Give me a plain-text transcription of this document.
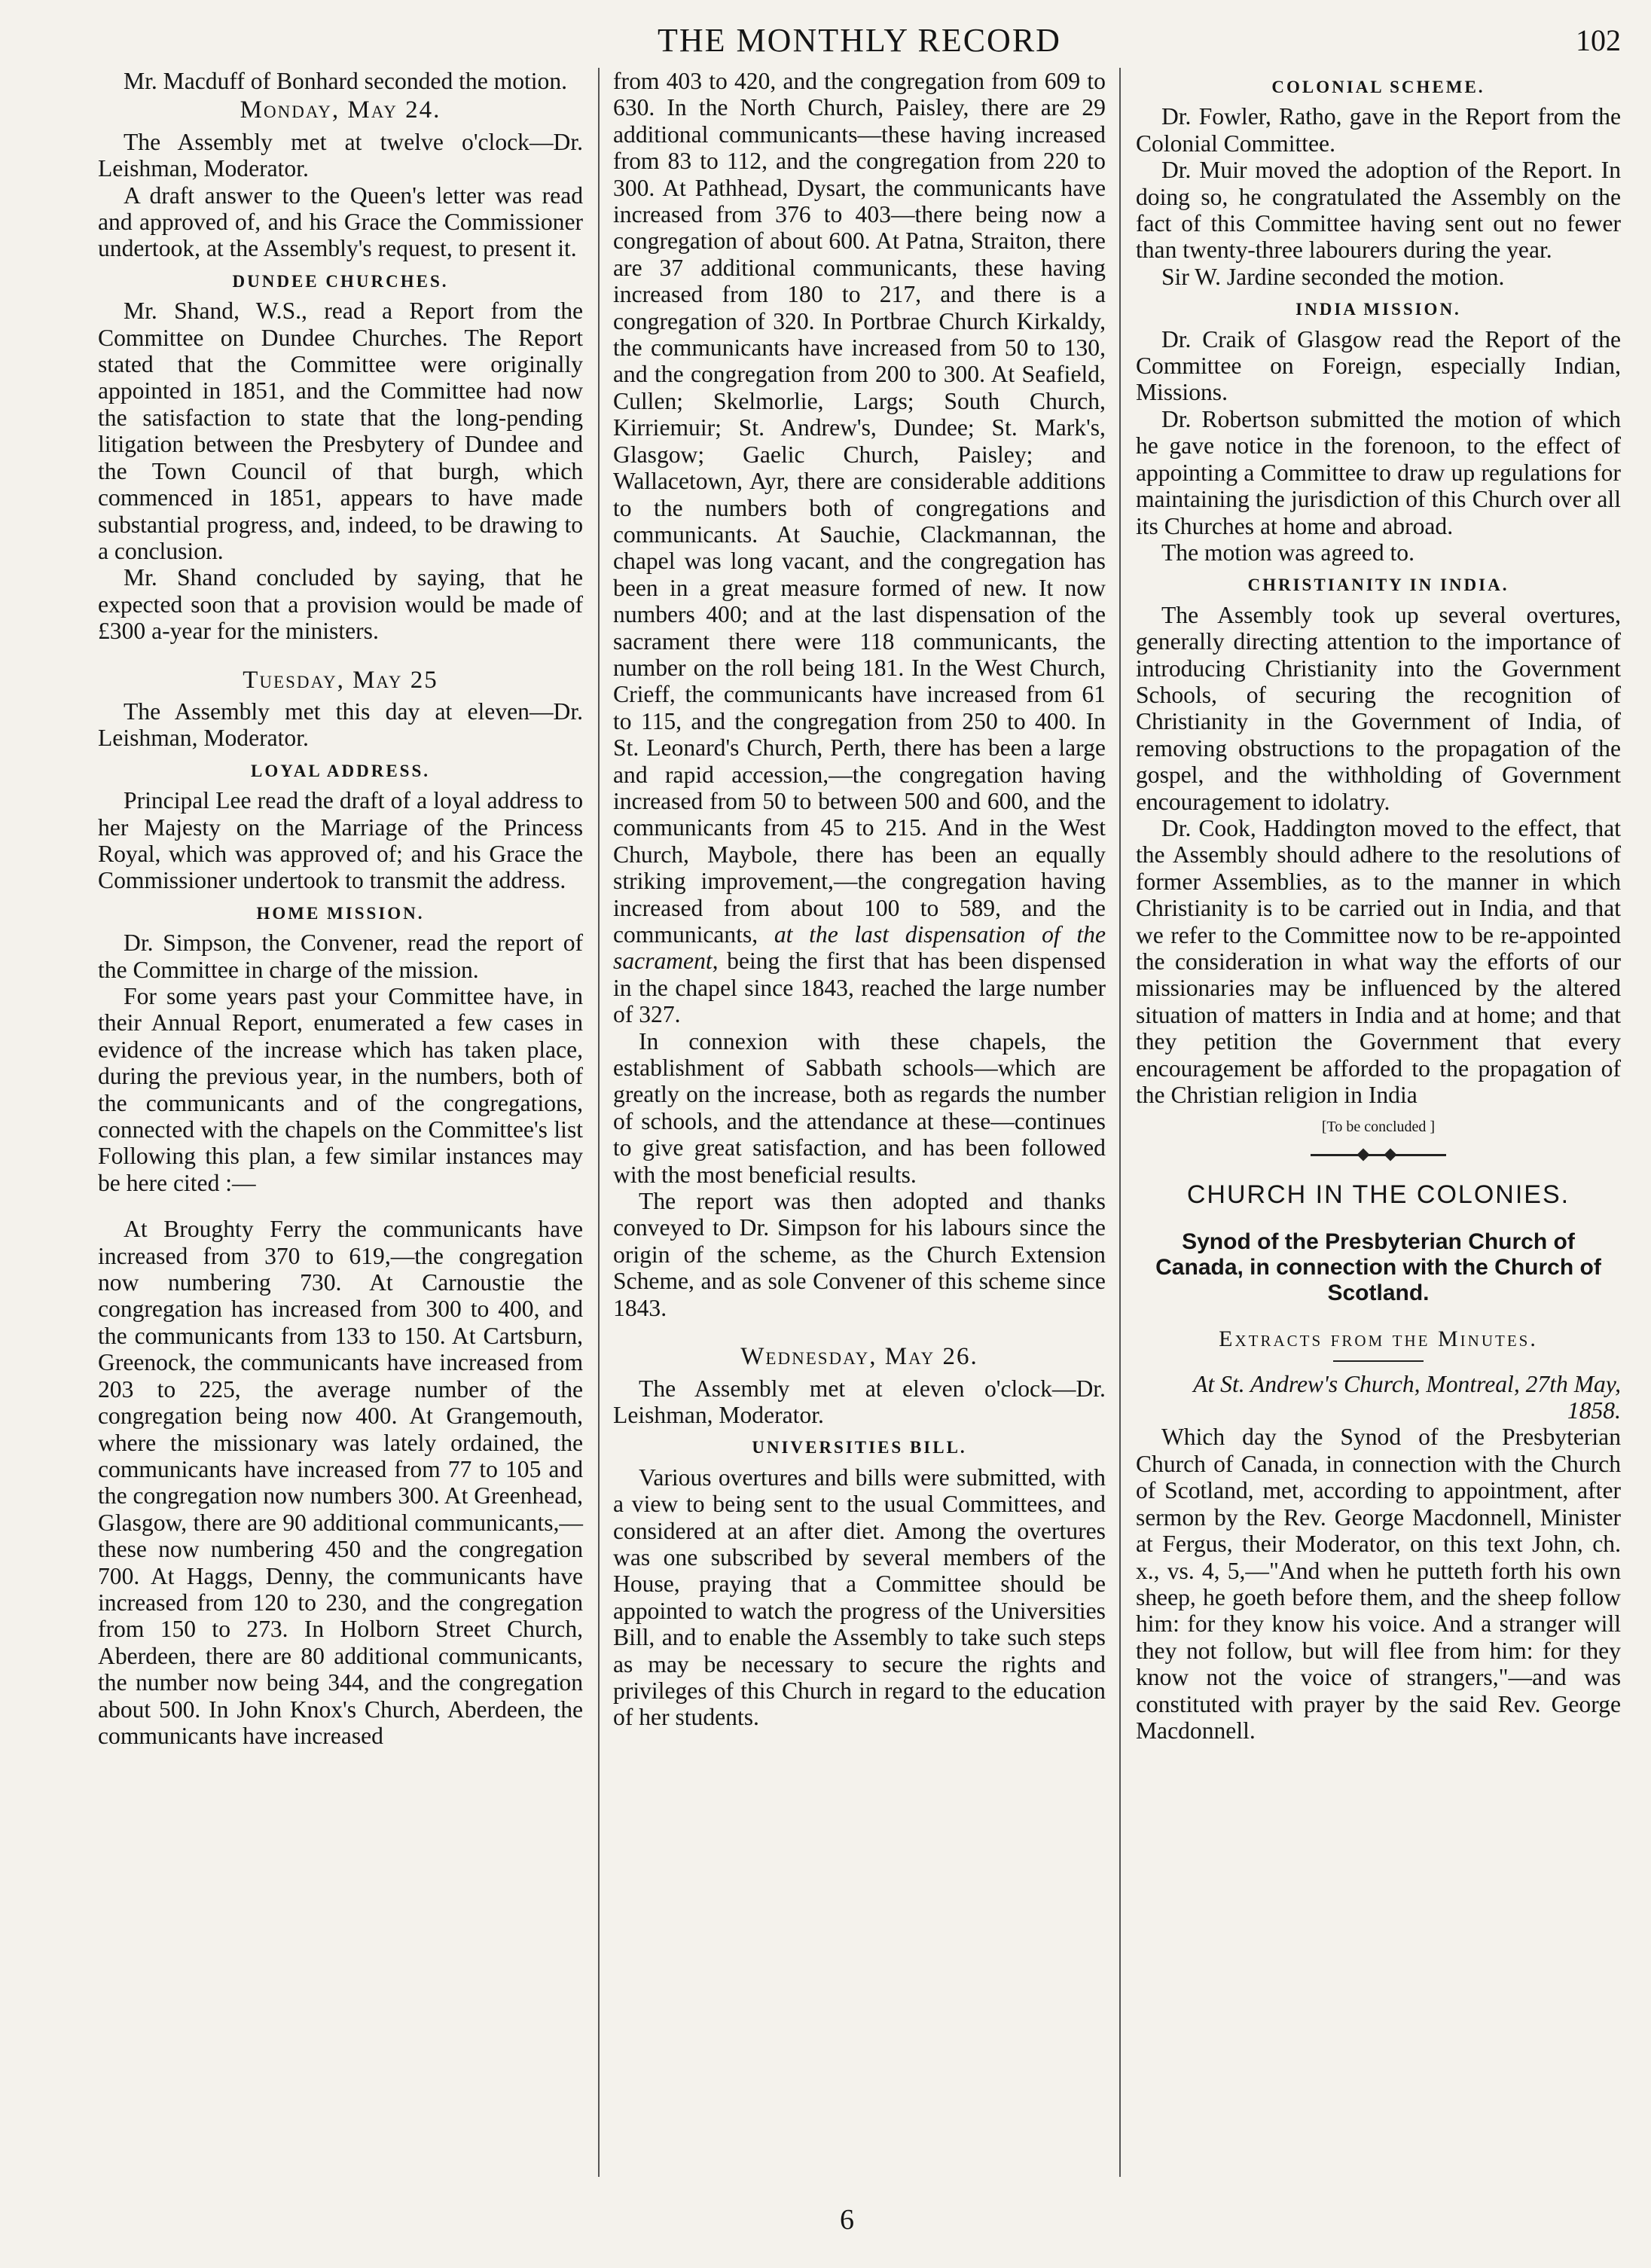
THE MONTHLY RECORD	102

Mr. Macduff of Bonhard seconded the motion.

Monday, May 24.

The Assembly met at twelve o'clock—Dr. Leishman, Moderator.

A draft answer to the Queen's letter was read and approved of, and his Grace the Commissioner undertook, at the Assembly's request, to present it.

DUNDEE CHURCHES.

Mr. Shand, W.S., read a Report from the Committee on Dundee Churches. The Report stated that the Committee were originally appointed in 1851, and the Committee had now the satisfaction to state that the long-pending litigation between the Presbytery of Dundee and the Town Council of that burgh, which commenced in 1851, appears to have made substantial progress, and, indeed, to be drawing to a conclusion.

Mr. Shand concluded by saying, that he expected soon that a provision would be made of £300 a-year for the ministers.

Tuesday, May 25

The Assembly met this day at eleven—Dr. Leishman, Moderator.

LOYAL ADDRESS.

Principal Lee read the draft of a loyal address to her Majesty on the Marriage of the Princess Royal, which was approved of; and his Grace the Commissioner undertook to transmit the address.

HOME MISSION.

Dr. Simpson, the Convener, read the report of the Committee in charge of the mission.

For some years past your Committee have, in their Annual Report, enumerated a few cases in evidence of the increase which has taken place, during the previous year, in the numbers, both of the communicants and of the congregations, connected with the chapels on the Committee's list Following this plan, a few similar instances may be here cited :—

At Broughty Ferry the communicants have increased from 370 to 619,—the congregation now numbering 730. At Carnoustie the congregation has increased from 300 to 400, and the communicants from 133 to 150. At Cartsburn, Greenock, the communicants have increased from 203 to 225, the average number of the congregation being now 400. At Grangemouth, where the missionary was lately ordained, the communicants have increased from 77 to 105 and the congregation now numbers 300. At Greenhead, Glasgow, there are 90 additional communicants,—these now numbering 450 and the congregation 700. At Haggs, Denny, the communicants have increased from 120 to 230, and the congregation from 150 to 273. In Holborn Street Church, Aberdeen, there are 80 additional communicants, the number now being 344, and the congregation about 500. In John Knox's Church, Aberdeen, the communicants have increased

from 403 to 420, and the congregation from 609 to 630. In the North Church, Paisley, there are 29 additional communicants—these having increased from 83 to 112, and the congregation from 220 to 300. At Pathhead, Dysart, the communicants have increased from 376 to 403—there being now a congregation of about 600. At Patna, Straiton, there are 37 additional communicants, these having increased from 180 to 217, and there is a congregation of 320. In Portbrae Church Kirkaldy, the communicants have increased from 50 to 130, and the congregation from 200 to 300. At Seafield, Cullen; Skelmorlie, Largs; South Church, Kirriemuir; St. Andrew's, Dundee; St. Mark's, Glasgow; Gaelic Church, Paisley; and Wallacetown, Ayr, there are considerable additions to the numbers both of congregations and communicants. At Sauchie, Clackmannan, the chapel was long vacant, and the congregation has been in a great measure formed of new. It now numbers 400; and at the last dispensation of the sacrament there were 118 communicants, the number on the roll being 181. In the West Church, Crieff, the communicants have increased from 61 to 115, and the congregation from 250 to 400. In St. Leonard's Church, Perth, there has been a large and rapid accession,—the congregation having increased from 50 to between 500 and 600, and the communicants from 45 to 215. And in the West Church, Maybole, there has been an equally striking improvement,—the congregation having increased from about 100 to 589, and the communicants, at the last dispensation of the sacrament, being the first that has been dispensed in the chapel since 1843, reached the large number of 327.

In connexion with these chapels, the establishment of Sabbath schools—which are greatly on the increase, both as regards the number of schools, and the attendance at these—continues to give great satisfaction, and has been followed with the most beneficial results.

The report was then adopted and thanks conveyed to Dr. Simpson for his labours since the origin of the scheme, as the Church Extension Scheme, and as sole Convener of this scheme since 1843.

Wednesday, May 26.

The Assembly met at eleven o'clock—Dr. Leishman, Moderator.

UNIVERSITIES BILL.

Various overtures and bills were submitted, with a view to being sent to the usual Committees, and considered at an after diet. Among the overtures was one subscribed by several members of the House, praying that a Committee should be appointed to watch the progress of the Universities Bill, and to enable the Assembly to take such steps as may be necessary to secure the rights and privileges of this Church in regard to the education of her students.

COLONIAL SCHEME.

Dr. Fowler, Ratho, gave in the Report from the Colonial Committee.

Dr. Muir moved the adoption of the Report. In doing so, he congratulated the Assembly on the fact of this Committee having sent out no fewer than twenty-three labourers during the year.

Sir W. Jardine seconded the motion.

INDIA MISSION.

Dr. Craik of Glasgow read the Report of the Committee on Foreign, especially Indian, Missions.

Dr. Robertson submitted the motion of which he gave notice in the forenoon, to the effect of appointing a Committee to draw up regulations for maintaining the jurisdiction of this Church over all its Churches at home and abroad.

The motion was agreed to.

CHRISTIANITY IN INDIA.

The Assembly took up several overtures, generally directing attention to the importance of introducing Christianity into the Government Schools, of securing the recognition of Christianity in the Government of India, of removing obstructions to the propagation of the gospel, and the withholding of Government encouragement to idolatry.

Dr. Cook, Haddington moved to the effect, that the Assembly should adhere to the resolutions of former Assemblies, as to the manner in which Christianity is to be carried out in India, and that we refer to the Committee now to be re-appointed the consideration in what way the efforts of our missionaries may be influenced by the altered situation of matters in India and at home; and that they petition the Government that every encouragement be afforded to the propagation of the Christian religion in India

[To be concluded ]
CHURCH IN THE COLONIES.
Synod of the Presbyterian Church of Canada, in connection with the Church of Scotland.
Extracts from the Minutes.

At St. Andrew's Church, Montreal, 27th May, 1858.

Which day the Synod of the Presbyterian Church of Canada, in connection with the Church of Scotland, met, according to appointment, after sermon by the Rev. George Macdonnell, Minister at Fergus, their Moderator, on this text John, ch. x., vs. 4, 5,—"And when he putteth forth his own sheep, he goeth before them, and the sheep follow him: for they know his voice. And a stranger will they not follow, but will flee from him: for they know not the voice of strangers,"—and was constituted with prayer by the said Rev. George Macdonnell.

6
